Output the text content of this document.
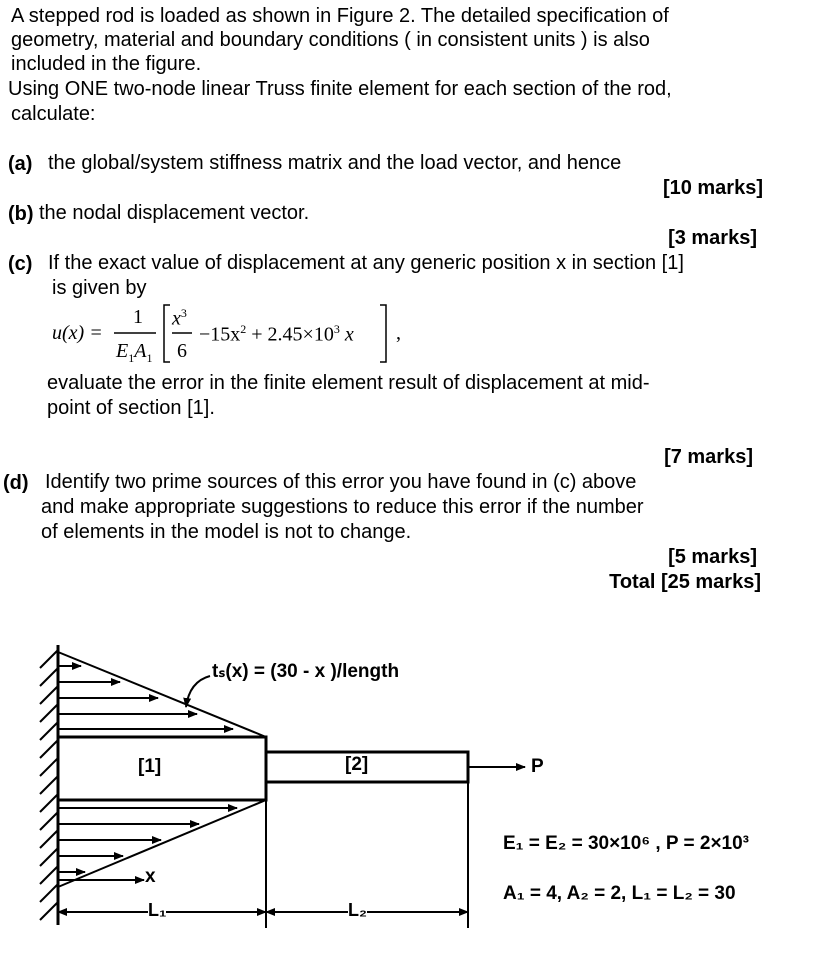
A stepped rod is loaded as shown in Figure 2. The detailed specification of
geometry, material and boundary conditions ( in consistent units ) is also
included in the figure.
Using ONE two-node linear Truss finite element for each section of the rod,
calculate:
(a) the global/system stiffness matrix and the load vector, and hence
[10 marks]
(b) the nodal displacement vector.
[3 marks]
(c) If the exact value of displacement at any generic position x in section [1]
is given by
u(x) =
1
$E_1A_1$
$x^3$
6
$-15x^2 + 2.45\times 10^3$ x ,
evaluate the error in the finite element result of displacement at mid-
point of section [1].
[7 marks]
(d) Identify two prime sources of this error you have found in (c) above
and make appropriate suggestions to reduce this error if the number
of elements in the model is not to change.
[5 marks]
Total [25 marks]
tₛ(x) = (30 - x )/length
[1]	[2]	P
x
L₁	L₂
E₁ = E₂ = 30×10⁶ , P = 2×10³
A₁ = 4, A₂ = 2, L₁ = L₂ = 30
